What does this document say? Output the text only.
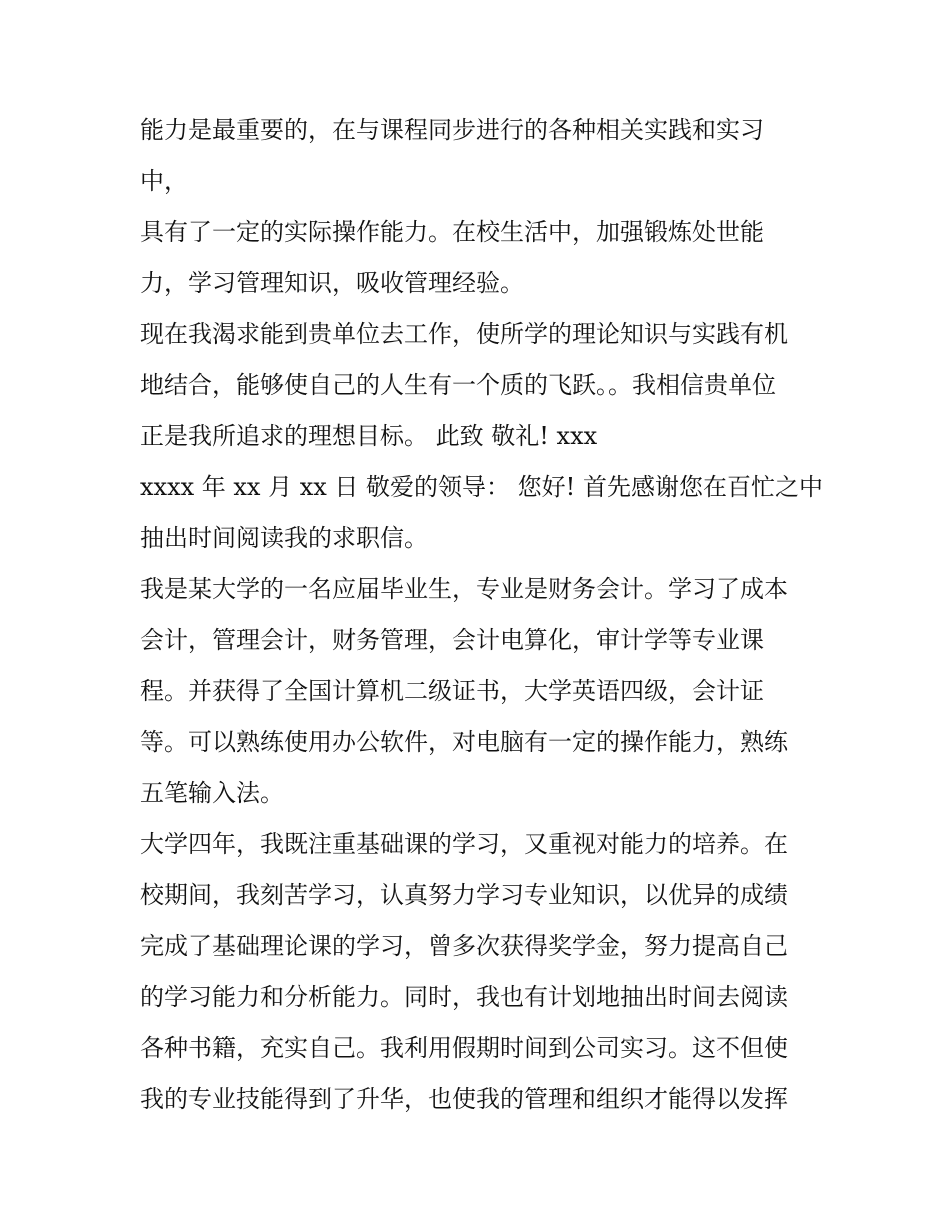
能力是最重要的，在与课程同步进行的各种相关实践和实习
中，
具有了一定的实际操作能力。在校生活中，加强锻炼处世能
力，学习管理知识，吸收管理经验。
现在我渴求能到贵单位去工作，使所学的理论知识与实践有机
地结合，能够使自己的人生有一个质的飞跃。。我相信贵单位
正是我所追求的理想目标。 此致 敬礼! xxx
xxxx 年 xx 月 xx 日 敬爱的领导： 您好! 首先感谢您在百忙之中
抽出时间阅读我的求职信。
我是某大学的一名应届毕业生，专业是财务会计。学习了成本
会计，管理会计，财务管理，会计电算化，审计学等专业课
程。并获得了全国计算机二级证书，大学英语四级，会计证
等。可以熟练使用办公软件，对电脑有一定的操作能力，熟练
五笔输入法。
大学四年，我既注重基础课的学习，又重视对能力的培养。在
校期间，我刻苦学习，认真努力学习专业知识，以优异的成绩
完成了基础理论课的学习，曾多次获得奖学金，努力提高自己
的学习能力和分析能力。同时，我也有计划地抽出时间去阅读
各种书籍，充实自己。我利用假期时间到公司实习。这不但使
我的专业技能得到了升华，也使我的管理和组织才能得以发挥
